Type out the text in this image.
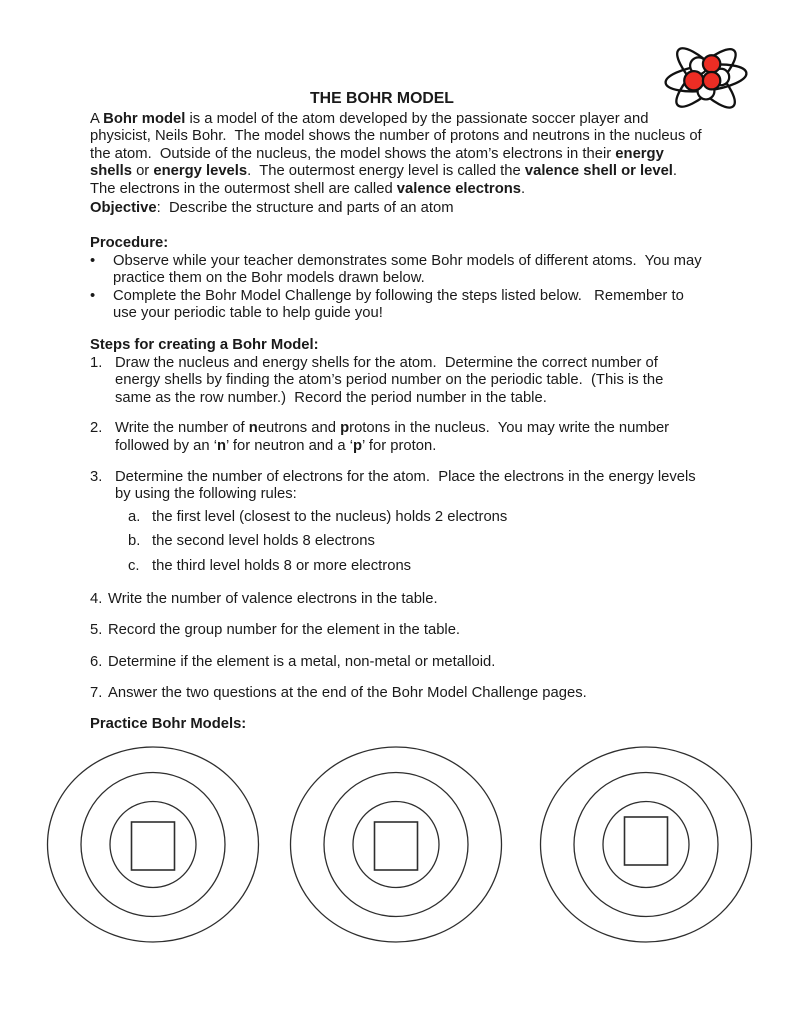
THE BOHR MODEL

A Bohr model is a model of the atom developed by the passionate soccer player and physicist, Neils Bohr.  The model shows the number of protons and neutrons in the nucleus of the atom.  Outside of the nucleus, the model shows the atom’s electrons in their energy shells or energy levels.  The outermost energy level is called the valence shell or level.  The electrons in the outermost shell are called valence electrons.

Objective:  Describe the structure and parts of an atom

Procedure:
•	Observe while your teacher demonstrates some Bohr models of different atoms.  You may practice them on the Bohr models drawn below.
•	Complete the Bohr Model Challenge by following the steps listed below.   Remember to use your periodic table to help guide you!
Steps for creating a Bohr Model:
1. Draw the nucleus and energy shells for the atom.  Determine the correct number of energy shells by finding the atom’s period number on the periodic table.  (This is the same as the row number.)  Record the period number in the table.
2. Write the number of neutrons and protons in the nucleus.  You may write the number followed by an ‘n’ for neutron and a ‘p’ for proton.
3. Determine the number of electrons for the atom.  Place the electrons in the energy levels by using the following rules:
a. the first level (closest to the nucleus) holds 2 electrons
b. the second level holds 8 electrons
c. the third level holds 8 or more electrons
4. Write the number of valence electrons in the table.
5. Record the group number for the element in the table.
6. Determine if the element is a metal, non-metal or metalloid.
7. Answer the two questions at the end of the Bohr Model Challenge pages.
Practice Bohr Models:
